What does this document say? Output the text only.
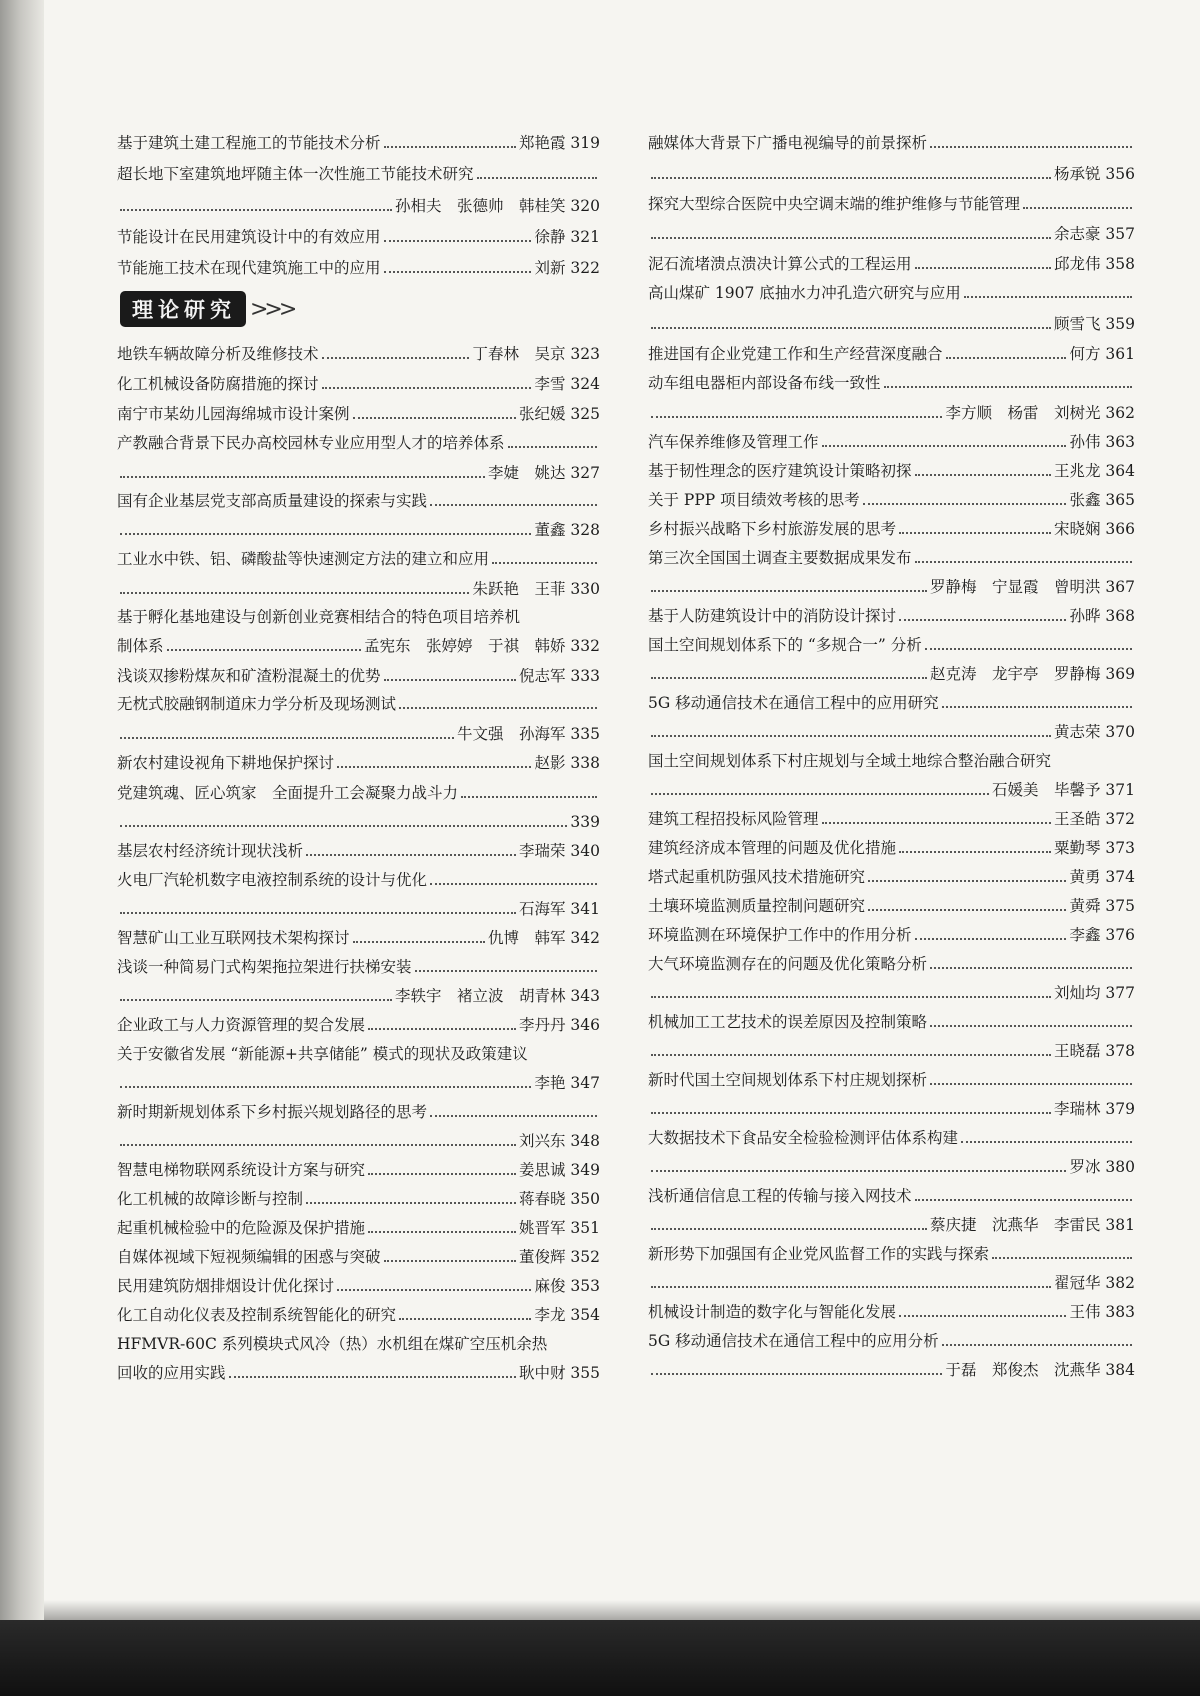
理论研究 >>>
基于建筑土建工程施工的节能技术分析	郑艳霞 319
超长地下室建筑地坪随主体一次性施工节能技术研究
孙相夫　张德帅　韩桂笑 320
节能设计在民用建筑设计中的有效应用	徐静 321
节能施工技术在现代建筑施工中的应用	刘新 322
地铁车辆故障分析及维修技术	丁春林　吴京 323
化工机械设备防腐措施的探讨	李雪 324
南宁市某幼儿园海绵城市设计案例	张纪媛 325
产教融合背景下民办高校园林专业应用型人才的培养体系
李婕　姚达 327
国有企业基层党支部高质量建设的探索与实践
董鑫 328
工业水中铁、铝、磷酸盐等快速测定方法的建立和应用
朱跃艳　王菲 330
基于孵化基地建设与创新创业竞赛相结合的特色项目培养机
制体系	孟宪东　张婷婷　于祺　韩娇 332
浅谈双掺粉煤灰和矿渣粉混凝土的优势	倪志军 333
无枕式胶融钢制道床力学分析及现场测试
牛文强　孙海军 335
新农村建设视角下耕地保护探讨	赵影 338
党建筑魂、匠心筑家　全面提升工会凝聚力战斗力
339
基层农村经济统计现状浅析	李瑞荣 340
火电厂汽轮机数字电液控制系统的设计与优化
石海军 341
智慧矿山工业互联网技术架构探讨	仇博　韩军 342
浅谈一种简易门式构架拖拉架进行扶梯安装
李轶宇　褚立波　胡青林 343
企业政工与人力资源管理的契合发展	李丹丹 346
关于安徽省发展 “新能源+共享储能” 模式的现状及政策建议
李艳 347
新时期新规划体系下乡村振兴规划路径的思考
刘兴东 348
智慧电梯物联网系统设计方案与研究	姜思诚 349
化工机械的故障诊断与控制	蒋春晓 350
起重机械检验中的危险源及保护措施	姚晋军 351
自媒体视域下短视频编辑的困惑与突破	董俊辉 352
民用建筑防烟排烟设计优化探讨	麻俊 353
化工自动化仪表及控制系统智能化的研究	李龙 354
HFMVR-60C 系列模块式风冷（热）水机组在煤矿空压机余热
回收的应用实践	耿中财 355
融媒体大背景下广播电视编导的前景探析
杨承锐 356
探究大型综合医院中央空调末端的维护维修与节能管理
余志豪 357
泥石流堵溃点溃决计算公式的工程运用	邱龙伟 358
高山煤矿 1907 底抽水力冲孔造穴研究与应用
顾雪飞 359
推进国有企业党建工作和生产经营深度融合	何方 361
动车组电器柜内部设备布线一致性
李方顺　杨雷　刘树光 362
汽车保养维修及管理工作	孙伟 363
基于韧性理念的医疗建筑设计策略初探	王兆龙 364
关于 PPP 项目绩效考核的思考	张鑫 365
乡村振兴战略下乡村旅游发展的思考	宋晓娴 366
第三次全国国土调查主要数据成果发布
罗静梅　宁显霞　曾明洪 367
基于人防建筑设计中的消防设计探讨	孙晔 368
国土空间规划体系下的 “多规合一” 分析
赵克涛　龙宇亭　罗静梅 369
5G 移动通信技术在通信工程中的应用研究
黄志荣 370
国土空间规划体系下村庄规划与全域土地综合整治融合研究
石媛美　毕馨予 371
建筑工程招投标风险管理	王圣皓 372
建筑经济成本管理的问题及优化措施	粟勤琴 373
塔式起重机防强风技术措施研究	黄勇 374
土壤环境监测质量控制问题研究	黄舜 375
环境监测在环境保护工作中的作用分析	李鑫 376
大气环境监测存在的问题及优化策略分析
刘灿均 377
机械加工工艺技术的误差原因及控制策略
王晓磊 378
新时代国土空间规划体系下村庄规划探析
李瑞林 379
大数据技术下食品安全检验检测评估体系构建
罗冰 380
浅析通信信息工程的传输与接入网技术
蔡庆捷　沈燕华　李雷民 381
新形势下加强国有企业党风监督工作的实践与探索
翟冠华 382
机械设计制造的数字化与智能化发展	王伟 383
5G 移动通信技术在通信工程中的应用分析
于磊　郑俊杰　沈燕华 384
